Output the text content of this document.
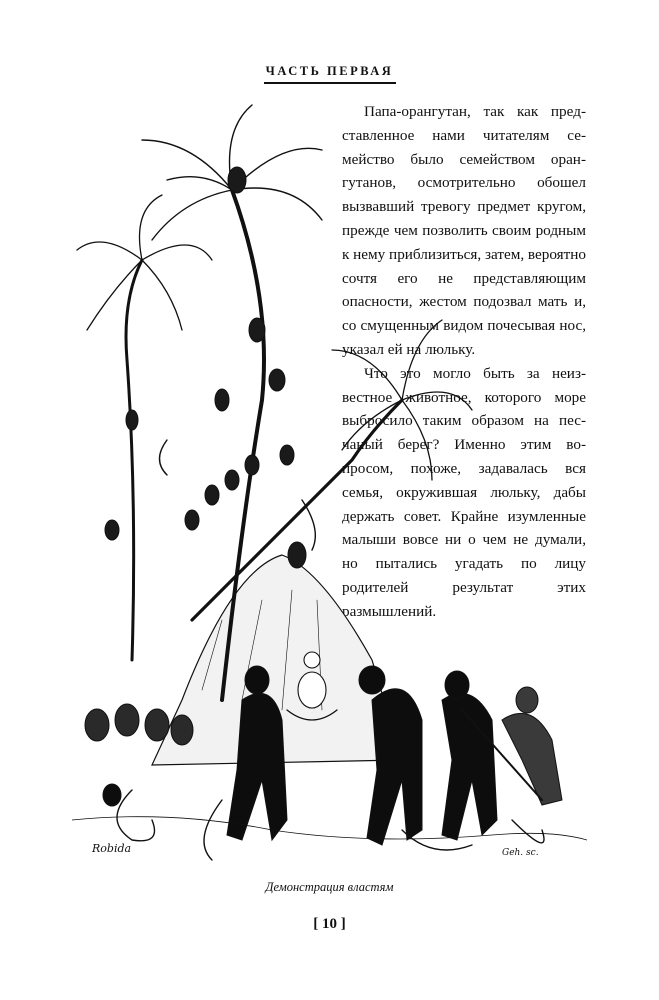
ЧАСТЬ ПЕРВАЯ

Папа-орангутан, так как представленное нами читателям семейство было семейством орангутанов, осмотрительно обошел вызвавший тревогу предмет кругом, прежде чем позволить своим родным к нему приблизиться, затем, вероятно сочтя его не представляющим опасности, жестом подозвал мать и, со смущенным видом почесывая нос, указал ей на люльку.

Что это могло быть за неизвестное животное, которого море выбросило таким образом на песчаный берег? Именно этим вопросом, похоже, задавалась вся семья, окружившая люльку, дабы держать совет. Крайне изумленные малыши вовсе ни о чем не думали, но пытались угадать по лицу родителей результат этих размышлений.

Robida	Geh. sc.
Демонстрация властям
[ 10 ]
